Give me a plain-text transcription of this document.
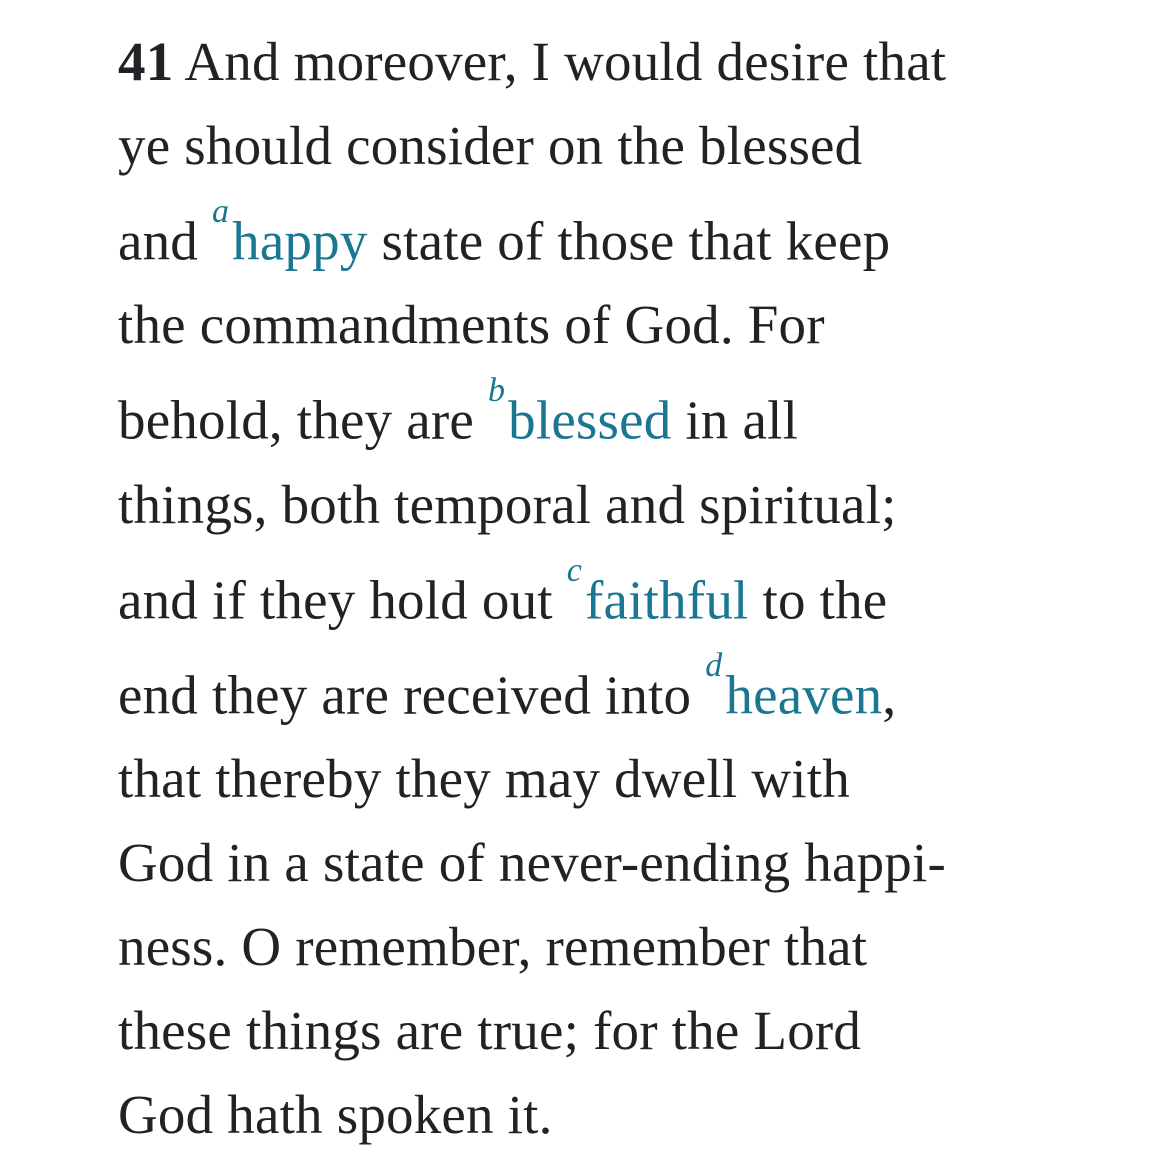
41 And moreover, I would desire that
ye should consider on the blessed
and $^a$happy state of those that keep
the commandments of God. For
behold, they are $^b$blessed in all
things, both temporal and spiritual;
and if they hold out $^c$faithful to the
end they are received into $^d$heaven,
that thereby they may dwell with
God in a state of never-ending happi-
ness. O remember, remember that
these things are true; for the Lord
God hath spoken it.
